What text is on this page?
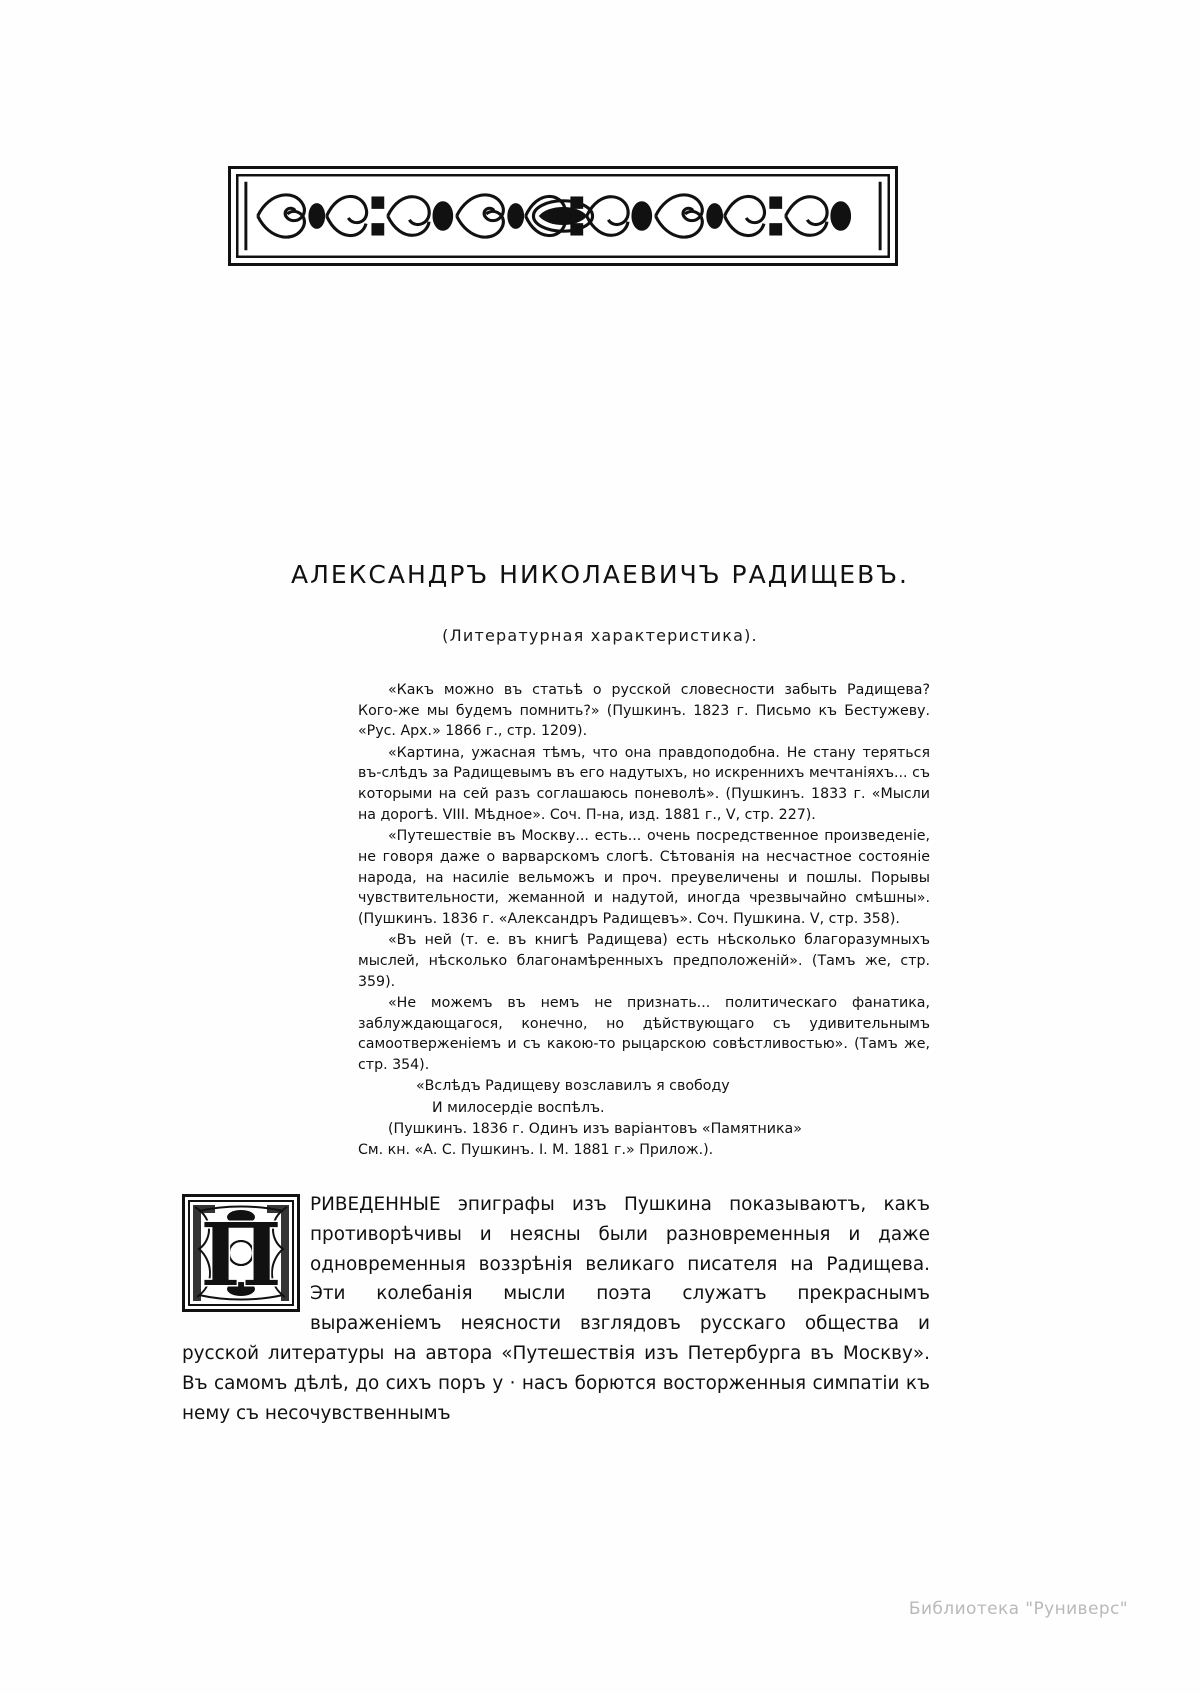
АЛЕКСАНДРЪ НИКОЛАЕВИЧЪ РАДИЩЕВЪ.
(Литературная характеристика).

«Какъ можно въ статьѣ о русской словесности забыть Радищева? Кого-же мы будемъ помнить?» (Пушкинъ. 1823 г. Письмо къ Бестужеву. «Рус. Арх.» 1866 г., стр. 1209).

«Картина, ужасная тѣмъ, что она правдоподобна. Не стану теряться въ-слѣдъ за Радищевымъ въ его надутыхъ, но искреннихъ мечтаніяхъ... съ которыми на сей разъ соглашаюсь поневолѣ». (Пушкинъ. 1833 г. «Мысли на дорогѣ. VIII. Мѣдное». Соч. П-на, изд. 1881 г., V, стр. 227).

«Путешествіе въ Москву... есть... очень посредственное произведеніе, не говоря даже о варварскомъ слогѣ. Сѣтованія на несчастное состояніе народа, на насиліе вельможъ и проч. преувеличены и пошлы. Порывы чувствительности, жеманной и надутой, иногда чрезвычайно смѣшны». (Пушкинъ. 1836 г. «Александръ Радищевъ». Соч. Пушкина. V, стр. 358).

«Въ ней (т. е. въ книгѣ Радищева) есть нѣсколько благоразумныхъ мыслей, нѣсколько благонамѣренныхъ предположеній». (Тамъ же, стр. 359).

«Не можемъ въ немъ не признать... политическаго фанатика, заблуждающагося, конечно, но дѣйствующаго съ удивительнымъ самоотверженіемъ и съ какою-то рыцарскою совѣстливостью». (Тамъ же, стр. 354).

«Вслѣдъ Радищеву возславилъ я свободу

И милосердіе воспѣлъ.

(Пушкинъ. 1836 г. Одинъ изъ варіантовъ «Памятника»

См. кн. «А. С. Пушкинъ. I. М. 1881 г.» Прилож.).

П

РИВЕДЕННЫЕ эпиграфы изъ Пушкина показываютъ, какъ противорѣчивы и неясны были разновременныя и даже одновременныя воззрѣнія великаго писателя на Радищева. Эти колебанія мысли поэта служатъ прекраснымъ выраженіемъ неясности взглядовъ русскаго общества и русской литературы на автора «Путешествія изъ Петербурга въ Москву». Въ самомъ дѣлѣ, до сихъ поръ у · насъ борются восторженныя симпатіи къ нему съ несочувственнымъ

Библиотека "Руниверс"
